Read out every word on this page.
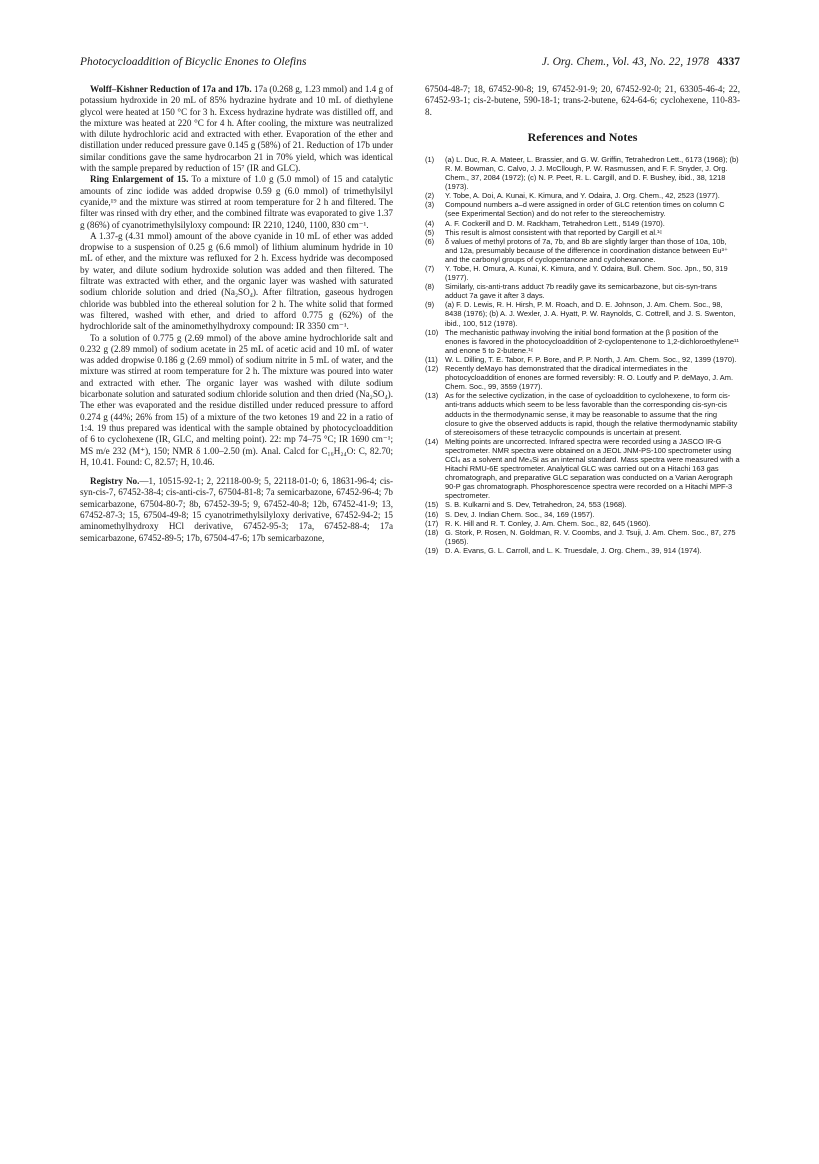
Photocycloaddition of Bicyclic Enones to Olefins	J. Org. Chem., Vol. 43, No. 22, 1978 4337

Wolff–Kishner Reduction of 17a and 17b. 17a (0.268 g, 1.23 mmol) and 1.4 g of potassium hydroxide in 20 mL of 85% hydrazine hydrate and 10 mL of diethylene glycol were heated at 150 °C for 3 h. Excess hydrazine hydrate was distilled off, and the mixture was heated at 220 °C for 4 h. After cooling, the mixture was neutralized with dilute hydrochloric acid and extracted with ether. Evaporation of the ether and distillation under reduced pressure gave 0.145 g (58%) of 21. Reduction of 17b under similar conditions gave the same hydrocarbon 21 in 70% yield, which was identical with the sample prepared by reduction of 15⁷ (IR and GLC).

Ring Enlargement of 15. To a mixture of 1.0 g (5.0 mmol) of 15 and catalytic amounts of zinc iodide was added dropwise 0.59 g (6.0 mmol) of trimethylsilyl cyanide,¹⁹ and the mixture was stirred at room temperature for 2 h and filtered. The filter was rinsed with dry ether, and the combined filtrate was evaporated to give 1.37 g (86%) of cyanotrimethylsilyloxy compound: IR 2210, 1240, 1100, 830 cm⁻¹.

A 1.37-g (4.31 mmol) amount of the above cyanide in 10 mL of ether was added dropwise to a suspension of 0.25 g (6.6 mmol) of lithium aluminum hydride in 10 mL of ether, and the mixture was refluxed for 2 h. Excess hydride was decomposed by water, and dilute sodium hydroxide solution was added and then filtered. The filtrate was extracted with ether, and the organic layer was washed with saturated sodium chloride solution and dried (Na₂SO₄). After filtration, gaseous hydrogen chloride was bubbled into the ethereal solution for 2 h. The white solid that formed was filtered, washed with ether, and dried to afford 0.775 g (62%) of the hydrochloride salt of the aminomethylhydroxy compound: IR 3350 cm⁻¹.

To a solution of 0.775 g (2.69 mmol) of the above amine hydrochloride salt and 0.232 g (2.89 mmol) of sodium acetate in 25 mL of acetic acid and 10 mL of water was added dropwise 0.186 g (2.69 mmol) of sodium nitrite in 5 mL of water, and the mixture was stirred at room temperature for 2 h. The mixture was poured into water and extracted with ether. The organic layer was washed with dilute sodium bicarbonate solution and saturated sodium chloride solution and then dried (Na₂SO₄). The ether was evaporated and the residue distilled under reduced pressure to afford 0.274 g (44%; 26% from 15) of a mixture of the two ketones 19 and 22 in a ratio of 1:4. 19 thus prepared was identical with the sample obtained by photocycloaddition of 6 to cyclohexene (IR, GLC, and melting point). 22: mp 74–75 °C; IR 1690 cm⁻¹; MS m/e 232 (M⁺), 150; NMR δ 1.00–2.50 (m). Anal. Calcd for C₁₆H₂₄O: C, 82.70; H, 10.41. Found: C, 82.57; H, 10.46.

Registry No.—1, 10515-92-1; 2, 22118-00-9; 5, 22118-01-0; 6, 18631-96-4; cis-syn-cis-7, 67452-38-4; cis-anti-cis-7, 67504-81-8; 7a semicarbazone, 67452-96-4; 7b semicarbazone, 67504-80-7; 8b, 67452-39-5; 9, 67452-40-8; 12b, 67452-41-9; 13, 67452-87-3; 15, 67504-49-8; 15 cyanotrimethylsilyloxy derivative, 67452-94-2; 15 aminomethylhydroxy HCl derivative, 67452-95-3; 17a, 67452-88-4; 17a semicarbazone, 67452-89-5; 17b, 67504-47-6; 17b semicarbazone,

67504-48-7; 18, 67452-90-8; 19, 67452-91-9; 20, 67452-92-0; 21, 63305-46-4; 22, 67452-93-1; cis-2-butene, 590-18-1; trans-2-butene, 624-64-6; cyclohexene, 110-83-8.

References and Notes

(1) (a) L. Duc, R. A. Mateer, L. Brassier, and G. W. Griffin, Tetrahedron Lett., 6173 (1968); (b) R. M. Bowman, C. Calvo, J. J. McCllough, P. W. Rasmussen, and F. F. Snyder, J. Org. Chem., 37, 2084 (1972); (c) N. P. Peet, R. L. Cargill, and D. F. Bushey, ibid., 38, 1218 (1973).

(2) Y. Tobe, A. Doi, A. Kunai, K. Kimura, and Y. Odaira, J. Org. Chem., 42, 2523 (1977).

(3) Compound numbers a–d were assigned in order of GLC retention times on column C (see Experimental Section) and do not refer to the stereochemistry.

(4) A. F. Cockerill and D. M. Rackham, Tetrahedron Lett., 5149 (1970).

(5) This result is almost consistent with that reported by Cargill et al.¹ᶜ

(6) δ values of methyl protons of 7a, 7b, and 8b are slightly larger than those of 10a, 10b, and 12a, presumably because of the difference in coordination distance between Eu³⁺ and the carbonyl groups of cyclopentanone and cyclohexanone.

(7) Y. Tobe, H. Omura, A. Kunai, K. Kimura, and Y. Odaira, Bull. Chem. Soc. Jpn., 50, 319 (1977).

(8) Similarly, cis-anti-trans adduct 7b readily gave its semicarbazone, but cis-syn-trans adduct 7a gave it after 3 days.

(9) (a) F. D. Lewis, R. H. Hirsh, P. M. Roach, and D. E. Johnson, J. Am. Chem. Soc., 98, 8438 (1976); (b) A. J. Wexler, J. A. Hyatt, P. W. Raynolds, C. Cottrell, and J. S. Swenton, ibid., 100, 512 (1978).

(10) The mechanistic pathway involving the initial bond formation at the β position of the enones is favored in the photocycloaddition of 2-cyclopentenone to 1,2-dichloroethylene¹¹ and enone 5 to 2-butene.¹ᶜ

(11) W. L. Dilling, T. E. Tabor, F. P. Bore, and P. P. North, J. Am. Chem. Soc., 92, 1399 (1970).

(12) Recently deMayo has demonstrated that the diradical intermediates in the photocycloaddition of enones are formed reversibly: R. O. Loutfy and P. deMayo, J. Am. Chem. Soc., 99, 3559 (1977).

(13) As for the selective cyclization, in the case of cycloaddition to cyclohexene, to form cis-anti-trans adducts which seem to be less favorable than the corresponding cis-syn-cis adducts in the thermodynamic sense, it may be reasonable to assume that the ring closure to give the observed adducts is rapid, though the relative thermodynamic stability of stereoisomers of these tetracyclic compounds is uncertain at present.

(14) Melting points are uncorrected. Infrared spectra were recorded using a JASCO IR-G spectrometer. NMR spectra were obtained on a JEOL JNM-PS-100 spectrometer using CCl₄ as a solvent and Me₄Si as an internal standard. Mass spectra were measured with a Hitachi RMU-6E spectrometer. Analytical GLC was carried out on a Hitachi 163 gas chromatograph, and preparative GLC separation was conducted on a Varian Aerograph 90-P gas chromatograph. Phosphorescence spectra were recorded on a Hitachi MPF-3 spectrometer.

(15) S. B. Kulkarni and S. Dev, Tetrahedron, 24, 553 (1968).

(16) S. Dev, J. Indian Chem. Soc., 34, 169 (1957).

(17) R. K. Hill and R. T. Conley, J. Am. Chem. Soc., 82, 645 (1960).

(18) G. Stork, P. Rosen, N. Goldman, R. V. Coombs, and J. Tsuji, J. Am. Chem. Soc., 87, 275 (1965).

(19) D. A. Evans, G. L. Carroll, and L. K. Truesdale, J. Org. Chem., 39, 914 (1974).
